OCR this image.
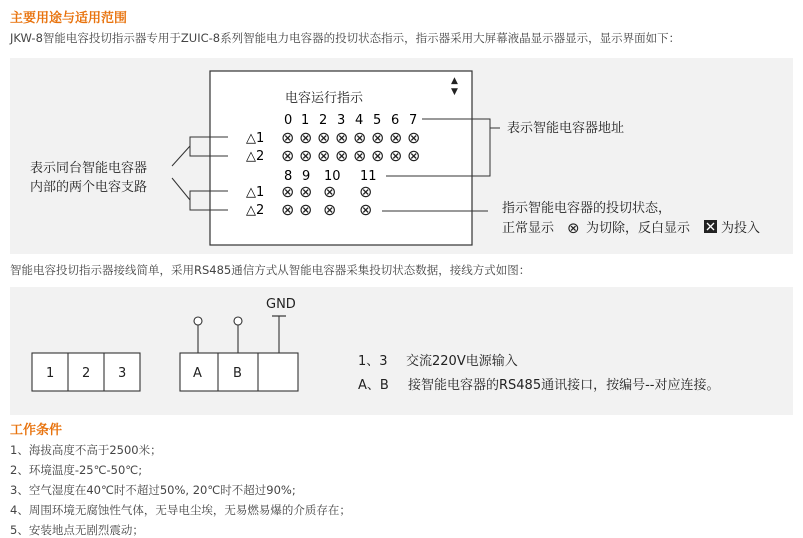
主要用途与适用范围
JKW-8智能电容投切指示器专用于ZUIC-8系列智能电力电容器的投切状态指示，指示器采用大屏幕液晶显示器显示，显示界面如下：
▲
▼
电容运行指示
0 1 2 3 4 5 6 7
△1
△2
△1
△2
8 9 10 11
⊗ ⊗ ⊗ ⊗ ⊗ ⊗ ⊗ ⊗
⊗ ⊗ ⊗ ⊗ ⊗ ⊗ ⊗ ⊗
⊗ ⊗ ⊗ ⊗
⊗ ⊗ ⊗ ⊗
表示同台智能电容器
内部的两个电容支路
表示智能电容器地址
指示智能电容器的投切状态，
正常显示 ⊗ 为切除，反白显示 为投入
智能电容投切指示器接线简单，采用RS485通信方式从智能电容器采集投切状态数据，接线方式如图：
1 2 3	A B
GND
1、3 交流220V电源输入
A、B 接智能电容器的RS485通讯接口，按编号--对应连接。
工作条件
1、海拔高度不高于2500米；
2、环境温度-25℃-50℃;
3、空气湿度在40℃时不超过50%, 20℃时不超过90%;
4、周围环境无腐蚀性气体，无导电尘埃，无易燃易爆的介质存在；
5、安装地点无剧烈震动；
